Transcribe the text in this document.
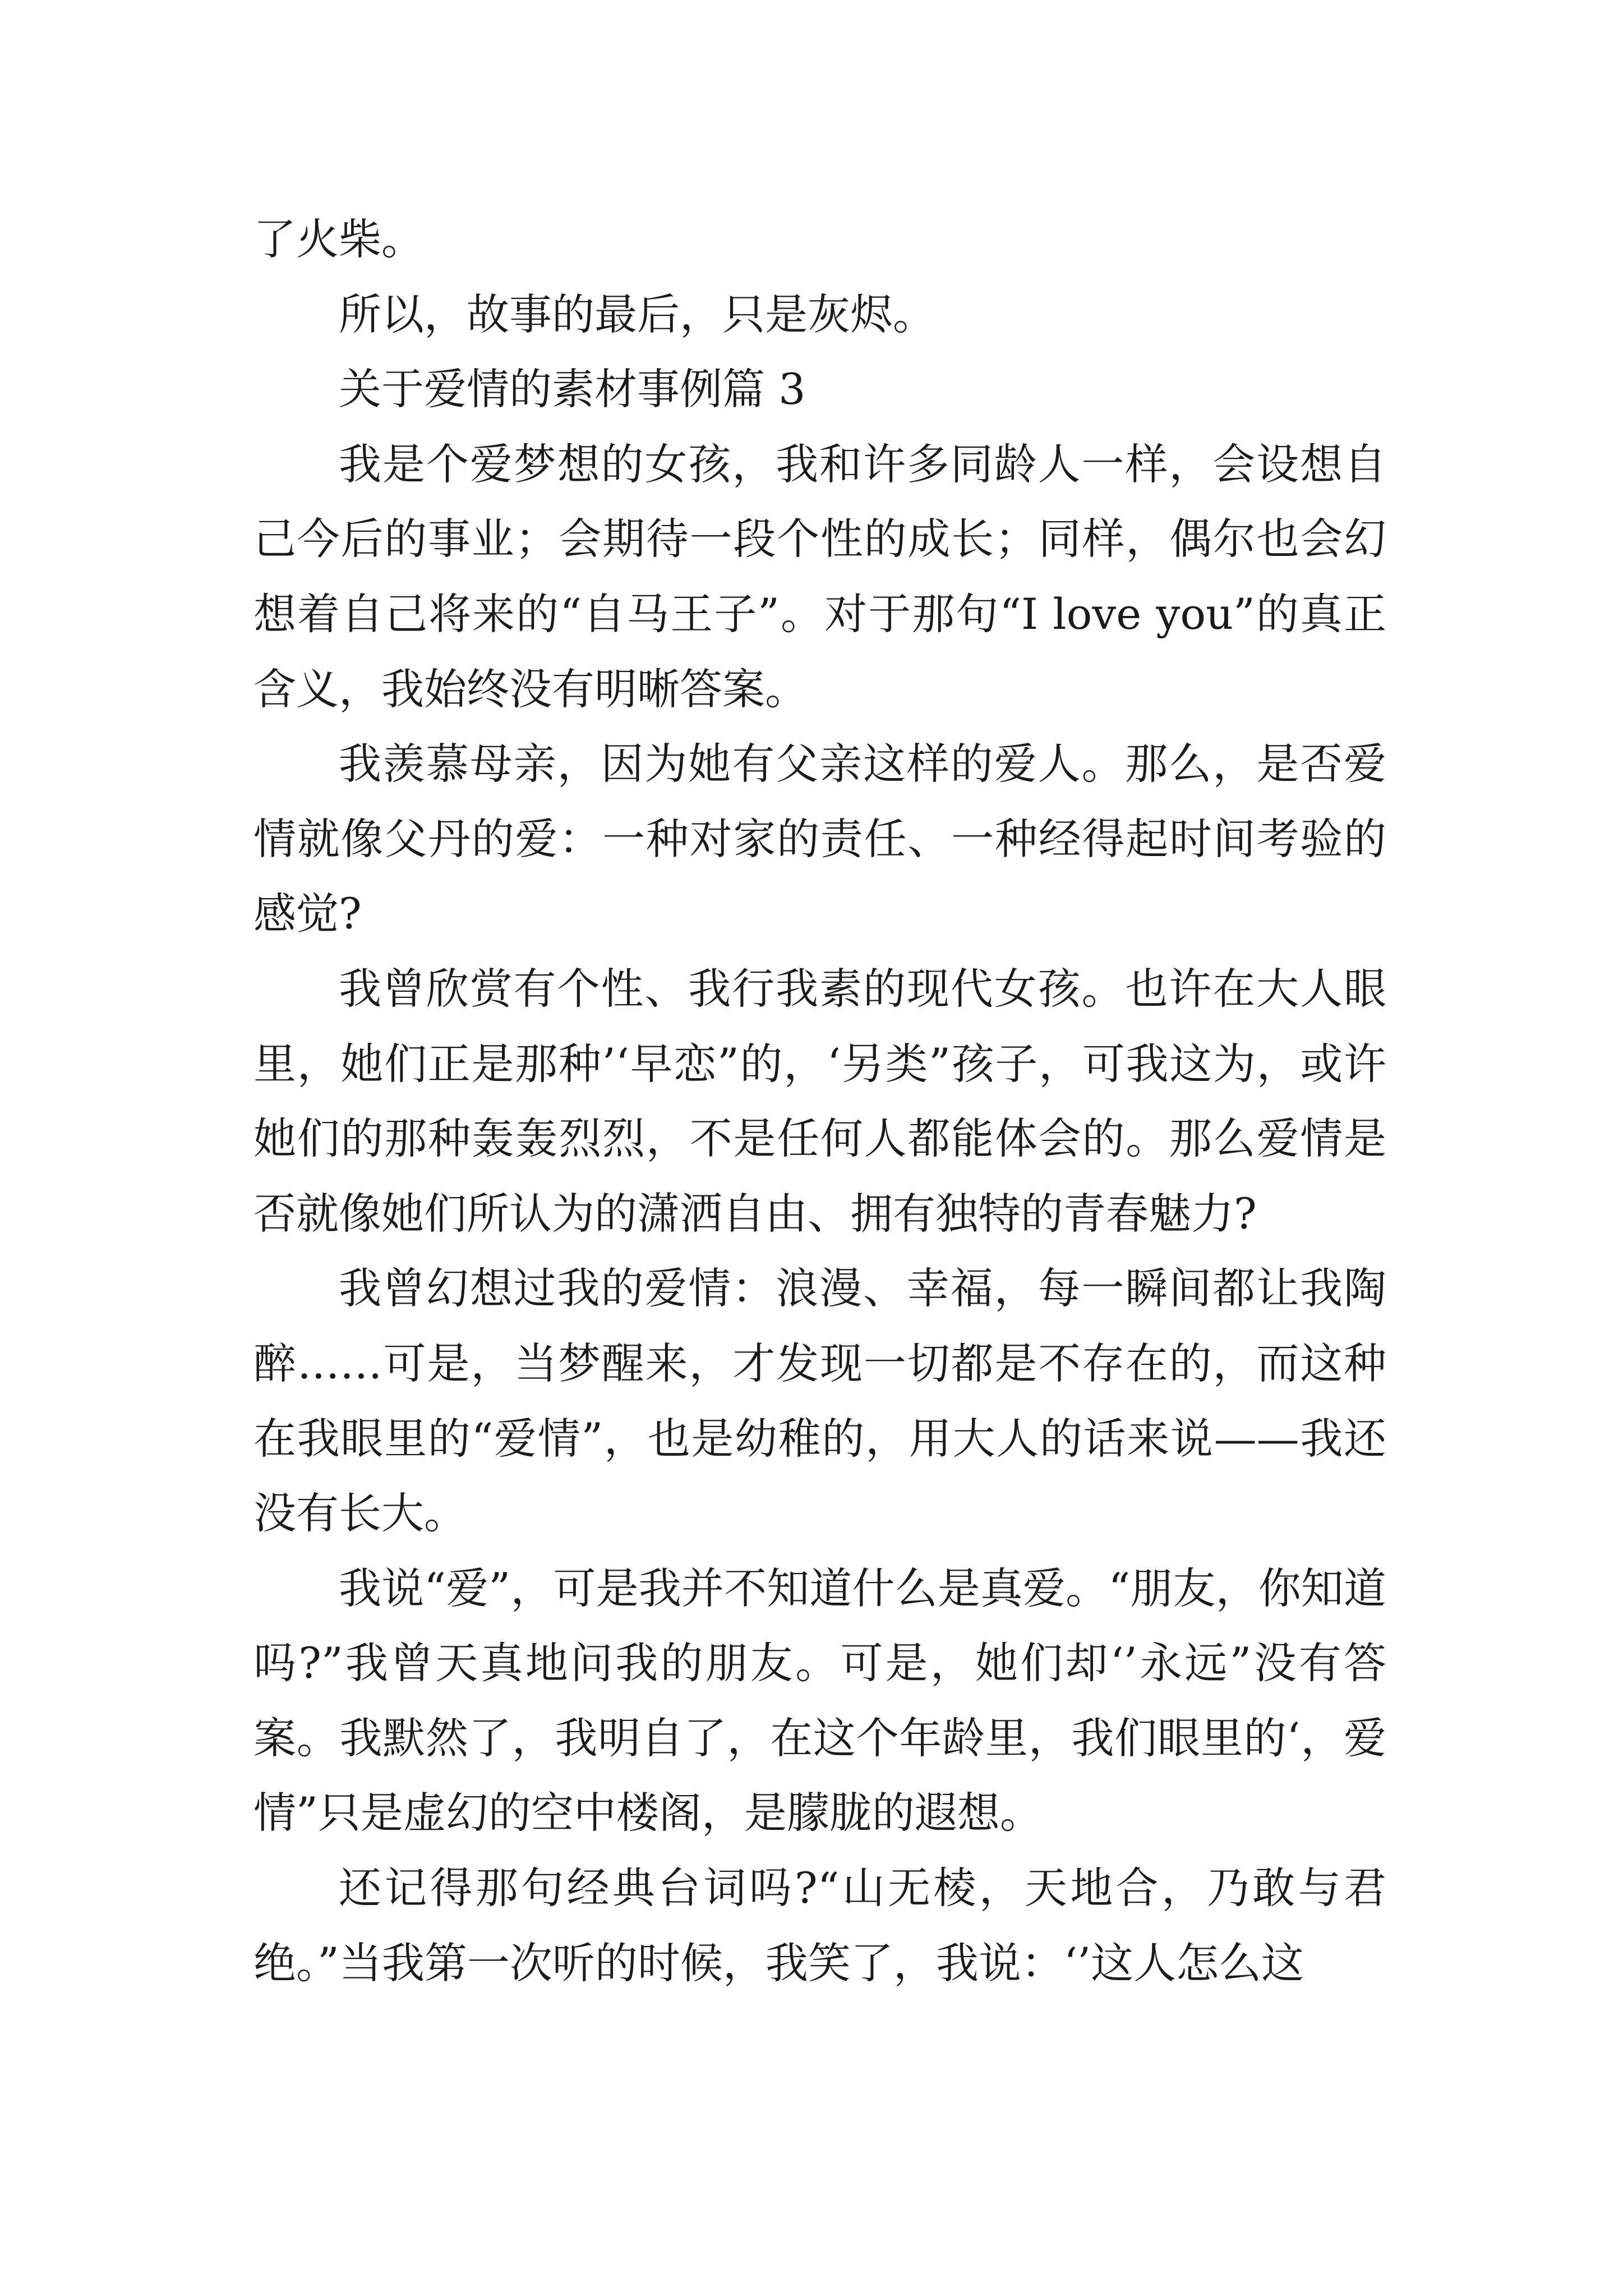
了火柴。

所以，故事的最后，只是灰烬。

关于爱情的素材事例篇 3

我是个爱梦想的女孩，我和许多同龄人一样，会设想自己今后的事业；会期待一段个性的成长；同样，偶尔也会幻想着自己将来的“自马王子”。对于那句“I love you”的真正含义，我始终没有明晰答案。

我羡慕母亲，因为她有父亲这样的爱人。那么，是否爱情就像父丹的爱：一种对家的责任、一种经得起时间考验的感觉?

我曾欣赏有个性、我行我素的现代女孩。也许在大人眼里，她们正是那种’‘早恋”的，‘另类”孩子，可我这为，或许她们的那种轰轰烈烈，不是任何人都能体会的。那么爱情是否就像她们所认为的潇洒自由、拥有独特的青春魅力?

我曾幻想过我的爱情：浪漫、幸福，每一瞬间都让我陶醉……可是，当梦醒来，才发现一切都是不存在的，而这种在我眼里的“爱情”，也是幼稚的，用大人的话来说——我还没有长大。

我说“爱”，可是我并不知道什么是真爱。“朋友，你知道吗?”我曾天真地问我的朋友。可是，她们却‘’永远”没有答案。我默然了，我明自了，在这个年龄里，我们眼里的‘，爱情”只是虚幻的空中楼阁，是朦胧的遐想。

还记得那句经典台词吗?“山无棱，天地合，乃敢与君绝。”当我第一次听的时候，我笑了，我说：‘’这人怎么这
